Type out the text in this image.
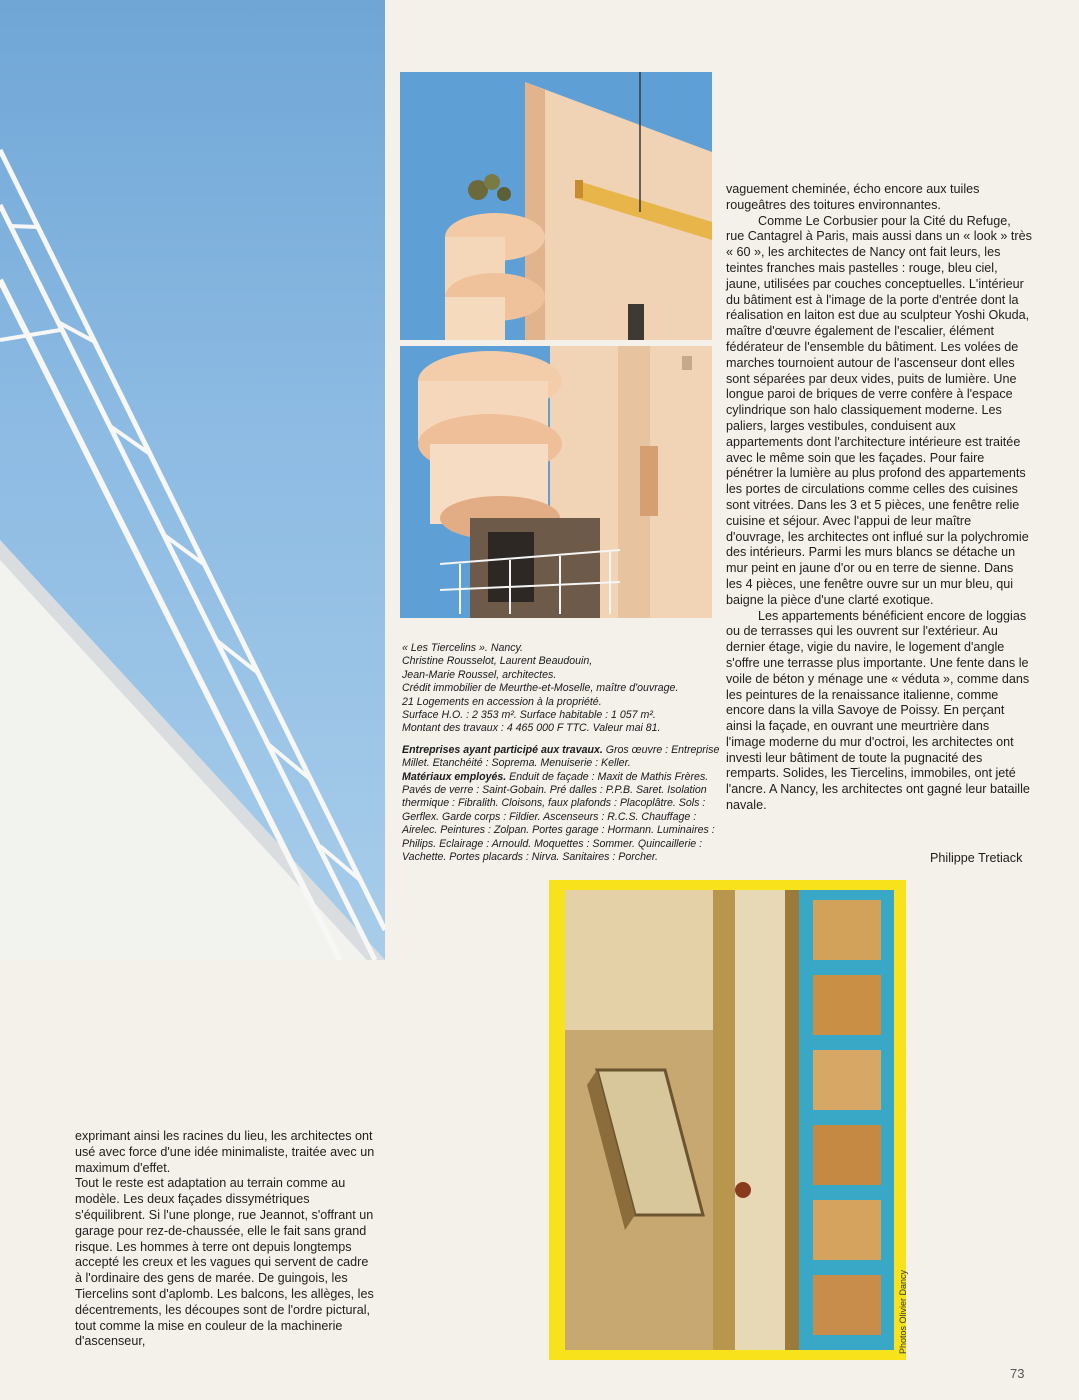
« Les Tiercelins ». Nancy.

Christine Rousselot, Laurent Beaudouin,

Jean-Marie Roussel, architectes.

Crédit immobilier de Meurthe-et-Moselle, maître d'ouvrage.

21 Logements en accession à la propriété.

Surface H.O. : 2 353 m². Surface habitable : 1 057 m².

Montant des travaux : 4 465 000 F TTC. Valeur mai 81.

Entreprises ayant participé aux travaux. Gros œuvre : Entreprise Millet. Etanchéité : Soprema. Menuiserie : Keller.

Matériaux employés. Enduit de façade : Maxit de Mathis Frères. Pavés de verre : Saint-Gobain. Pré dalles : P.P.B. Saret. Isolation thermique : Fibralith. Cloisons, faux plafonds : Placoplâtre. Sols : Gerflex. Garde corps : Fildier. Ascenseurs : R.C.S. Chauffage : Airelec. Peintures : Zolpan. Portes garage : Hormann. Luminaires : Philips. Eclairage : Arnould. Moquettes : Sommer. Quincaillerie : Vachette. Portes placards : Nirva. Sanitaires : Porcher.

vaguement cheminée, écho encore aux tuiles rougeâtres des toitures environnantes.

Comme Le Corbusier pour la Cité du Refuge, rue Cantagrel à Paris, mais aussi dans un « look » très « 60 », les architectes de Nancy ont fait leurs, les teintes franches mais pastelles : rouge, bleu ciel, jaune, utilisées par couches conceptuelles. L'intérieur du bâtiment est à l'image de la porte d'entrée dont la réalisation en laiton est due au sculpteur Yoshi Okuda, maître d'œuvre également de l'escalier, élément fédérateur de l'ensemble du bâtiment. Les volées de marches tournoient autour de l'ascenseur dont elles sont séparées par deux vides, puits de lumière. Une longue paroi de briques de verre confère à l'espace cylindrique son halo classiquement moderne. Les paliers, larges vestibules, conduisent aux appartements dont l'architecture intérieure est traitée avec le même soin que les façades. Pour faire pénétrer la lumière au plus profond des appartements les portes de circulations comme celles des cuisines sont vitrées. Dans les 3 et 5 pièces, une fenêtre relie cuisine et séjour. Avec l'appui de leur maître d'ouvrage, les architectes ont influé sur la polychromie des intérieurs. Parmi les murs blancs se détache un mur peint en jaune d'or ou en terre de sienne. Dans les 4 pièces, une fenêtre ouvre sur un mur bleu, qui baigne la pièce d'une clarté exotique.

Les appartements bénéficient encore de loggias ou de terrasses qui les ouvrent sur l'extérieur. Au dernier étage, vigie du navire, le logement d'angle s'offre une terrasse plus importante. Une fente dans le voile de béton y ménage une « véduta », comme dans les peintures de la renaissance italienne, comme encore dans la villa Savoye de Poissy. En perçant ainsi la façade, en ouvrant une meurtrière dans l'image moderne du mur d'octroi, les architectes ont investi leur bâtiment de toute la pugnacité des remparts. Solides, les Tiercelins, immobiles, ont jeté l'ancre. A Nancy, les architectes ont gagné leur bataille navale.

Philippe Tretiack
Photos Olivier Dancy

exprimant ainsi les racines du lieu, les architectes ont usé avec force d'une idée minimaliste, traitée avec un maximum d'effet.

Tout le reste est adaptation au terrain comme au modèle. Les deux façades dissymétriques s'équilibrent. Si l'une plonge, rue Jeannot, s'offrant un garage pour rez-de-chaussée, elle le fait sans grand risque. Les hommes à terre ont depuis longtemps accepté les creux et les vagues qui servent de cadre à l'ordinaire des gens de marée. De guingois, les Tiercelins sont d'aplomb. Les balcons, les allèges, les décentrements, les découpes sont de l'ordre pictural, tout comme la mise en couleur de la machinerie d'ascenseur,

73
